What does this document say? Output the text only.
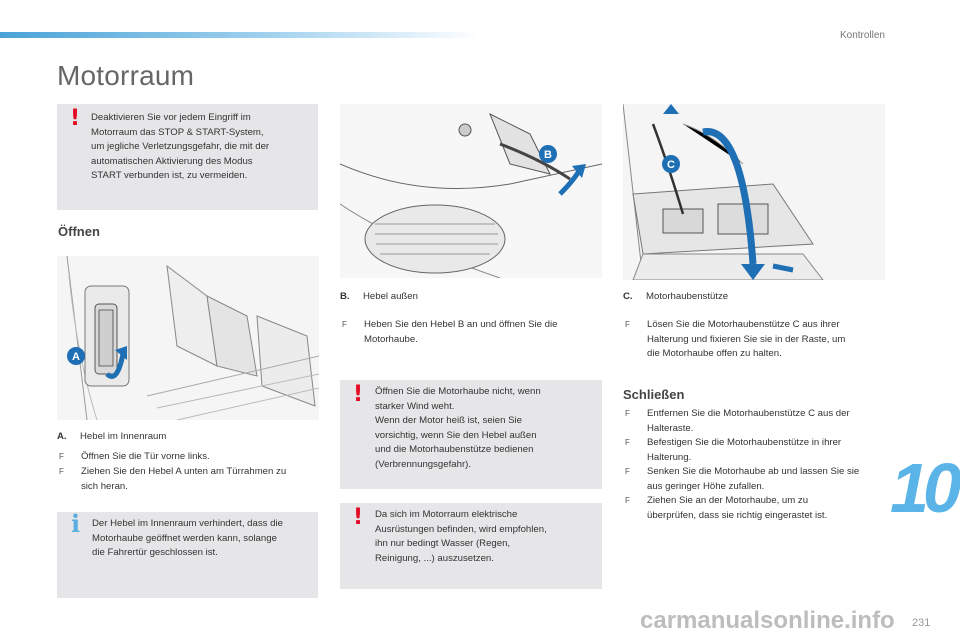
Kontrollen
Motorraum
! Deaktivieren Sie vor jedem Eingriff im
Motorraum das STOP & START-System,
um jegliche Verletzungsgefahr, die mit der
automatischen Aktivierung des Modus
START verbunden ist, zu vermeiden.
Öffnen
A
A. Hebel im Innenraum
F Öffnen Sie die Tür vorne links.
F Ziehen Sie den Hebel A unten am Türrahmen zu
sich heran.
i Der Hebel im Innenraum verhindert, dass die
Motorhaube geöffnet werden kann, solange
die Fahrertür geschlossen ist.
B
B. Hebel außen
F Heben Sie den Hebel B an und öffnen Sie die
Motorhaube.
! Öffnen Sie die Motorhaube nicht, wenn
starker Wind weht.
Wenn der Motor heiß ist, seien Sie
vorsichtig, wenn Sie den Hebel außen
und die Motorhaubenstütze bedienen
(Verbrennungsgefahr).
! Da sich im Motorraum elektrische
Ausrüstungen befinden, wird empfohlen,
ihn nur bedingt Wasser (Regen,
Reinigung, ...) auszusetzen.
C
C. Motorhaubenstütze
F Lösen Sie die Motorhaubenstütze C aus ihrer
Halterung und fixieren Sie sie in der Raste, um
die Motorhaube offen zu halten.
Schließen
F Entfernen Sie die Motorhaubenstütze C aus der
Halteraste.
F Befestigen Sie die Motorhaubenstütze in ihrer
Halterung.
F Senken Sie die Motorhaube ab und lassen Sie sie
aus geringer Höhe zufallen.
F Ziehen Sie an der Motorhaube, um zu
überprüfen, dass sie richtig eingerastet ist. 10
carmanualsonline.info 231
